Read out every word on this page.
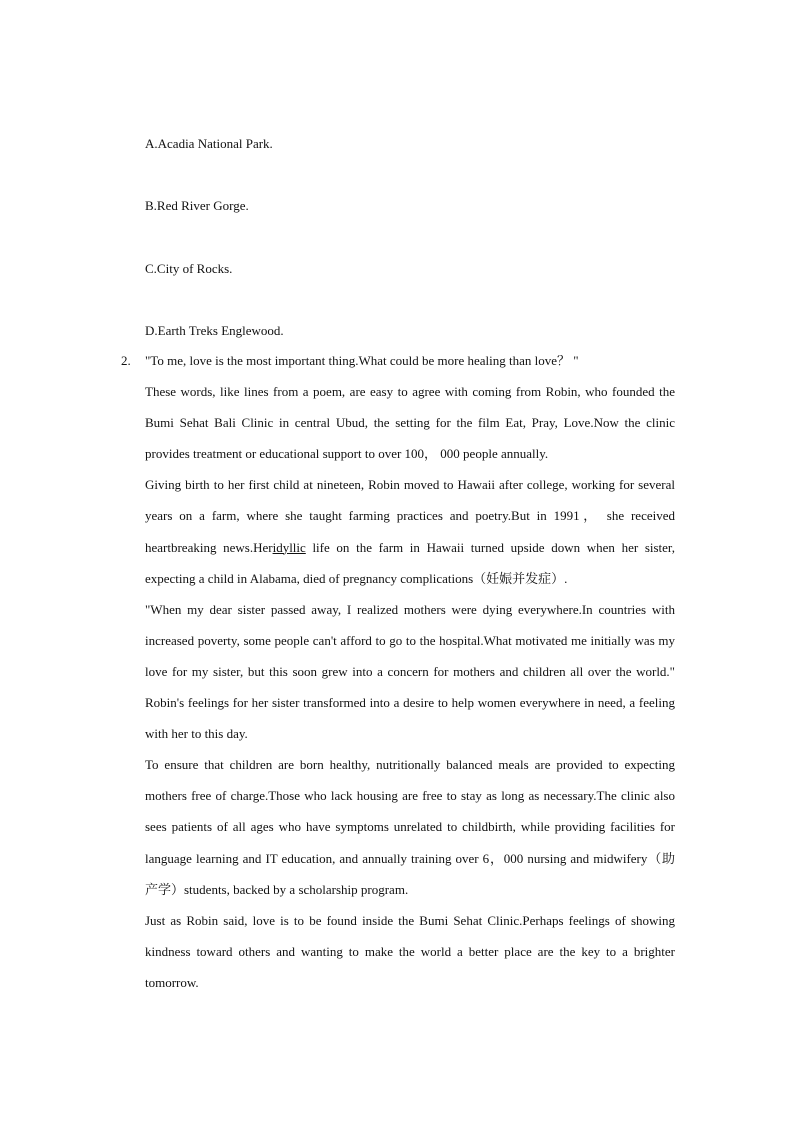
A.Acadia National Park.
B.Red River Gorge.
C.City of Rocks.
D.Earth Treks Englewood.
2. "To me, love is the most important thing.What could be more healing than love？ "

These words, like lines from a poem, are easy to agree with coming from Robin, who founded the Bumi Sehat Bali Clinic in central Ubud, the setting for the film Eat, Pray, Love.Now the clinic provides treatment or educational support to over 100， 000 people annually.

Giving birth to her first child at nineteen, Robin moved to Hawaii after college, working for several years on a farm, where she taught farming practices and poetry.But in 1991， she received heartbreaking news.Heridyllic life on the farm in Hawaii turned upside down when her sister, expecting a child in Alabama, died of pregnancy complications（妊娠并发症）.

"When my dear sister passed away, I realized mothers were dying everywhere.In countries with increased poverty, some people can't afford to go to the hospital.What motivated me initially was my love for my sister, but this soon grew into a concern for mothers and children all over the world." Robin's feelings for her sister transformed into a desire to help women everywhere in need, a feeling with her to this day.

To ensure that children are born healthy, nutritionally balanced meals are provided to expecting mothers free of charge.Those who lack housing are free to stay as long as necessary.The clinic also sees patients of all ages who have symptoms unrelated to childbirth, while providing facilities for language learning and IT education, and annually training over 6，000 nursing and midwifery（助产学）students, backed by a scholarship program.

Just as Robin said, love is to be found inside the Bumi Sehat Clinic.Perhaps feelings of showing kindness toward others and wanting to make the world a better place are the key to a brighter tomorrow.
